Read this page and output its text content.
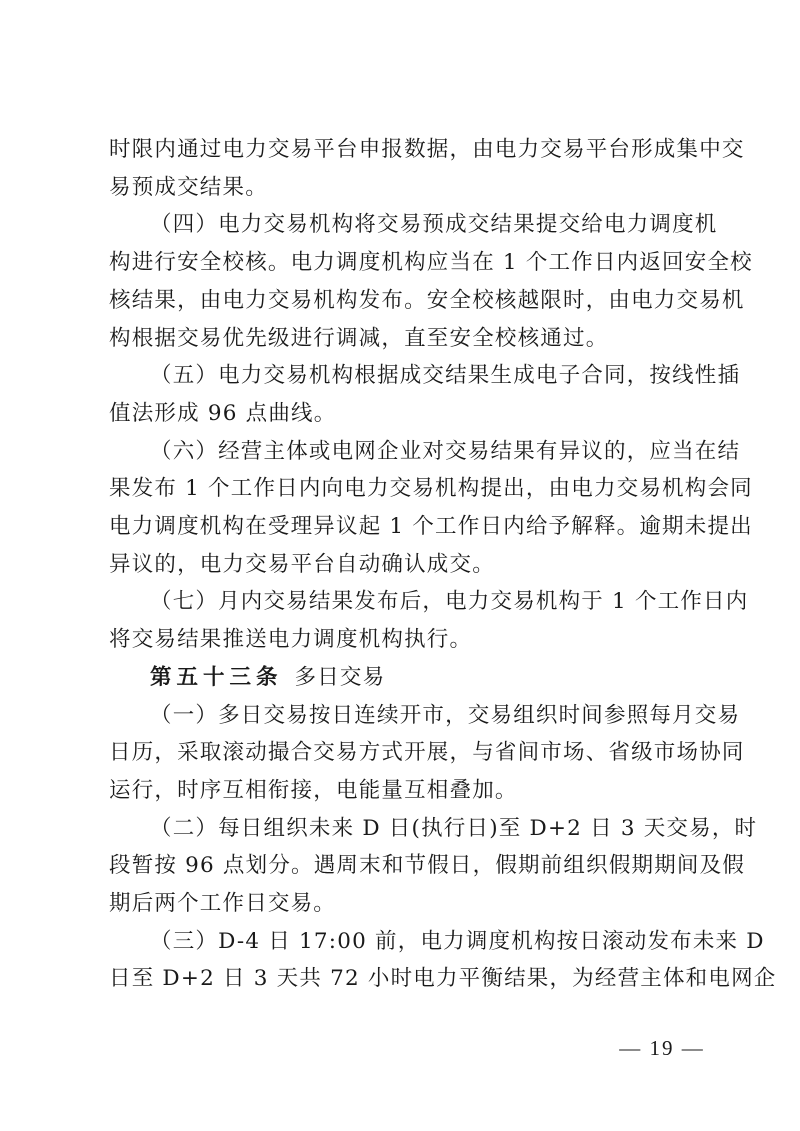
时限内通过电力交易平台申报数据，由电力交易平台形成集中交
易预成交结果。
（四）电力交易机构将交易预成交结果提交给电力调度机
构进行安全校核。电力调度机构应当在 1 个工作日内返回安全校
核结果，由电力交易机构发布。安全校核越限时，由电力交易机
构根据交易优先级进行调减，直至安全校核通过。
（五）电力交易机构根据成交结果生成电子合同，按线性插
值法形成 96 点曲线。
（六）经营主体或电网企业对交易结果有异议的，应当在结
果发布 1 个工作日内向电力交易机构提出，由电力交易机构会同
电力调度机构在受理异议起 1 个工作日内给予解释。逾期未提出
异议的，电力交易平台自动确认成交。
（七）月内交易结果发布后，电力交易机构于 1 个工作日内
将交易结果推送电力调度机构执行。
第五十三条 多日交易
（一）多日交易按日连续开市，交易组织时间参照每月交易
日历，采取滚动撮合交易方式开展，与省间市场、省级市场协同
运行，时序互相衔接，电能量互相叠加。
（二）每日组织未来 D 日(执行日)至 D+2 日 3 天交易，时
段暂按 96 点划分。遇周末和节假日，假期前组织假期期间及假
期后两个工作日交易。
（三）D-4 日 17:00 前，电力调度机构按日滚动发布未来 D
日至 D+2 日 3 天共 72 小时电力平衡结果，为经营主体和电网企
— 19 —
